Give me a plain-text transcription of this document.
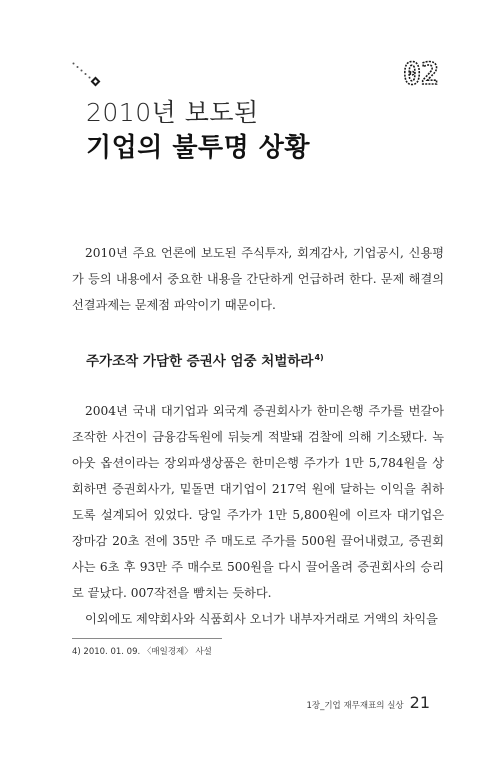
02
2010년 보도된
기업의 불투명 상황

2010년 주요 언론에 보도된 주식투자, 회계감사, 기업공시, 신용평가 등의 내용에서 중요한 내용을 간단하게 언급하려 한다. 문제 해결의 선결과제는 문제점 파악이기 때문이다.

주가조작 가담한 증권사 엄중 처벌하라$^{4)}$

2004년 국내 대기업과 외국계 증권회사가 한미은행 주가를 번갈아 조작한 사건이 금융감독원에 뒤늦게 적발돼 검찰에 의해 기소됐다. 녹아웃 옵션이라는 장외파생상품은 한미은행 주가가 1만 5,784원을 상회하면 증권회사가, 밑돌면 대기업이 217억 원에 달하는 이익을 취하도록 설계되어 있었다. 당일 주가가 1만 5,800원에 이르자 대기업은 장마감 20초 전에 35만 주 매도로 주가를 500원 끌어내렸고, 증권회사는 6초 후 93만 주 매수로 500원을 다시 끌어올려 증권회사의 승리로 끝났다. 007작전을 빰치는 듯하다.

이외에도 제약회사와 식품회사 오너가 내부자거래로 거액의 차익을

4) 2010. 01. 09. 〈매일경제〉 사설

1장_기업 재무재표의 실상 21
